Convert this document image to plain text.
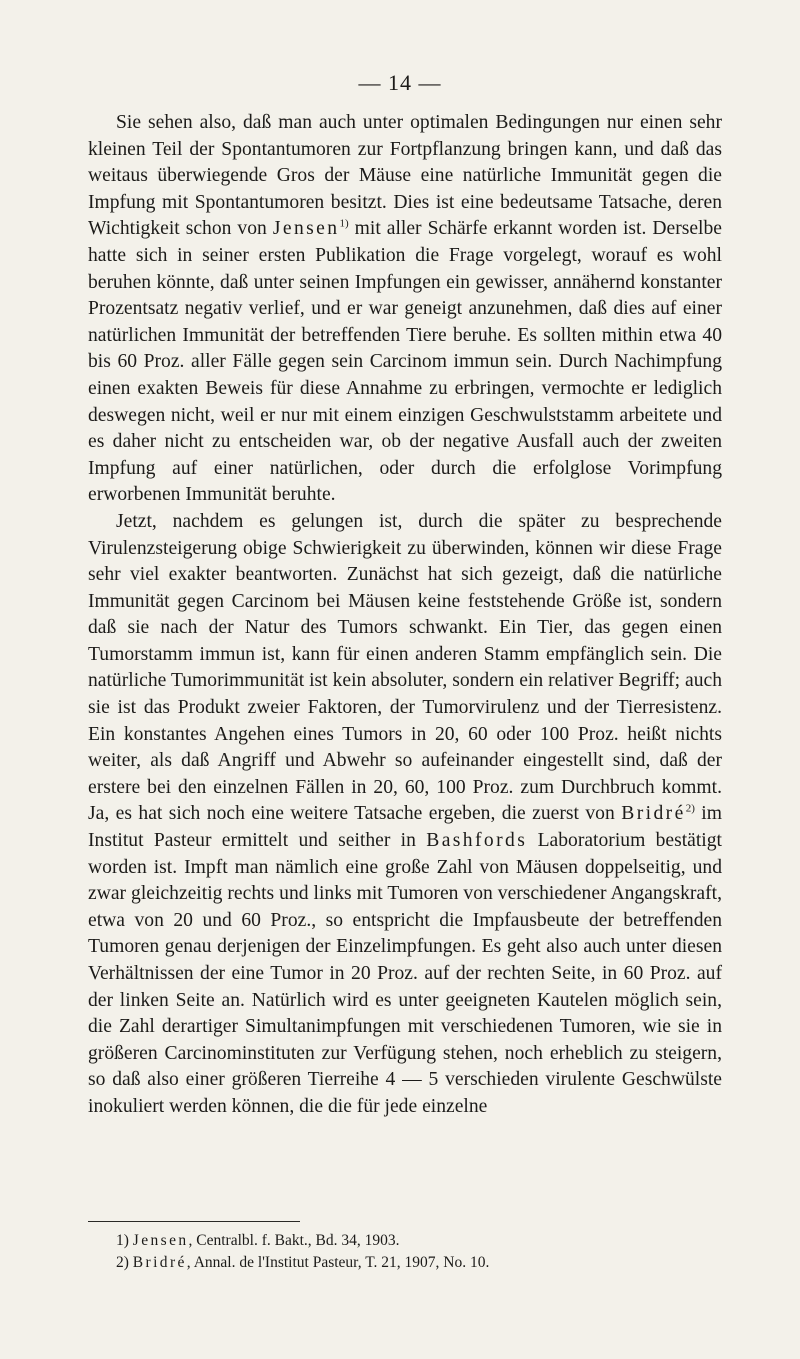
— 14 —

Sie sehen also, daß man auch unter optimalen Bedingungen nur einen sehr kleinen Teil der Spontantumoren zur Fortpflanzung bringen kann, und daß das weitaus überwiegende Gros der Mäuse eine natürliche Immunität gegen die Impfung mit Spontantumoren besitzt. Dies ist eine bedeutsame Tatsache, deren Wichtigkeit schon von Jensen$^{1)}$ mit aller Schärfe erkannt worden ist. Derselbe hatte sich in seiner ersten Publikation die Frage vorgelegt, worauf es wohl beruhen könnte, daß unter seinen Impfungen ein gewisser, annähernd konstanter Prozentsatz negativ verlief, und er war geneigt anzunehmen, daß dies auf einer natürlichen Immunität der betreffenden Tiere beruhe. Es sollten mithin etwa 40 bis 60 Proz. aller Fälle gegen sein Carcinom immun sein. Durch Nachimpfung einen exakten Beweis für diese Annahme zu erbringen, vermochte er lediglich deswegen nicht, weil er nur mit einem einzigen Geschwulststamm arbeitete und es daher nicht zu entscheiden war, ob der negative Ausfall auch der zweiten Impfung auf einer natürlichen, oder durch die erfolglose Vorimpfung erworbenen Immunität beruhte.

Jetzt, nachdem es gelungen ist, durch die später zu besprechende Virulenzsteigerung obige Schwierigkeit zu überwinden, können wir diese Frage sehr viel exakter beantworten. Zunächst hat sich gezeigt, daß die natürliche Immunität gegen Carcinom bei Mäusen keine feststehende Größe ist, sondern daß sie nach der Natur des Tumors schwankt. Ein Tier, das gegen einen Tumorstamm immun ist, kann für einen anderen Stamm empfänglich sein. Die natürliche Tumorimmunität ist kein absoluter, sondern ein relativer Begriff; auch sie ist das Produkt zweier Faktoren, der Tumorvirulenz und der Tierresistenz. Ein konstantes Angehen eines Tumors in 20, 60 oder 100 Proz. heißt nichts weiter, als daß Angriff und Abwehr so aufeinander eingestellt sind, daß der erstere bei den einzelnen Fällen in 20, 60, 100 Proz. zum Durchbruch kommt. Ja, es hat sich noch eine weitere Tatsache ergeben, die zuerst von Bridré$^{2)}$ im Institut Pasteur ermittelt und seither in Bashfords Laboratorium bestätigt worden ist. Impft man nämlich eine große Zahl von Mäusen doppelseitig, und zwar gleichzeitig rechts und links mit Tumoren von verschiedener Angangskraft, etwa von 20 und 60 Proz., so entspricht die Impfausbeute der betreffenden Tumoren genau derjenigen der Einzelimpfungen. Es geht also auch unter diesen Verhältnissen der eine Tumor in 20 Proz. auf der rechten Seite, in 60 Proz. auf der linken Seite an. Natürlich wird es unter geeigneten Kautelen möglich sein, die Zahl derartiger Simultanimpfungen mit verschiedenen Tumoren, wie sie in größeren Carcinominstituten zur Verfügung stehen, noch erheblich zu steigern, so daß also einer größeren Tierreihe 4 — 5 verschieden virulente Geschwülste inokuliert werden können, die die für jede einzelne

1) Jensen, Centralbl. f. Bakt., Bd. 34, 1903.
2) Bridré, Annal. de l'Institut Pasteur, T. 21, 1907, No. 10.
